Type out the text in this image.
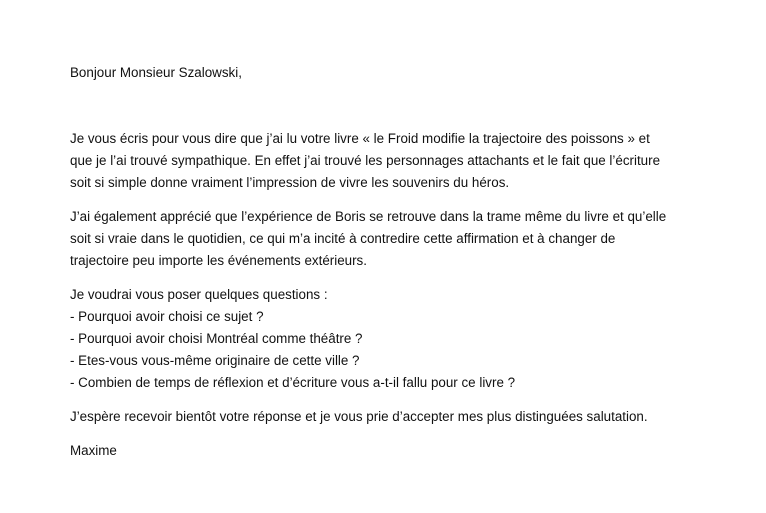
Bonjour Monsieur Szalowski,

Je vous écris pour vous dire que j’ai lu votre livre « le Froid modifie la trajectoire des poissons » et
que je l’ai trouvé sympathique. En effet j’ai trouvé les personnages attachants et le fait que l’écriture
soit si simple donne vraiment l’impression de vivre les souvenirs du héros.

J’ai également apprécié que l’expérience de Boris se retrouve dans la trame même du livre et qu’elle
soit si vraie dans le quotidien, ce qui m’a incité à contredire cette affirmation et à changer de
trajectoire peu importe les événements extérieurs.

Je voudrai vous poser quelques questions :
- Pourquoi avoir choisi ce sujet ?
- Pourquoi avoir choisi Montréal comme théâtre ?
- Etes-vous vous-même originaire de cette ville ?
- Combien de temps de réflexion et d’écriture vous a-t-il fallu pour ce livre ?

J’espère recevoir bientôt votre réponse et je vous prie d’accepter mes plus distinguées salutation.

Maxime
